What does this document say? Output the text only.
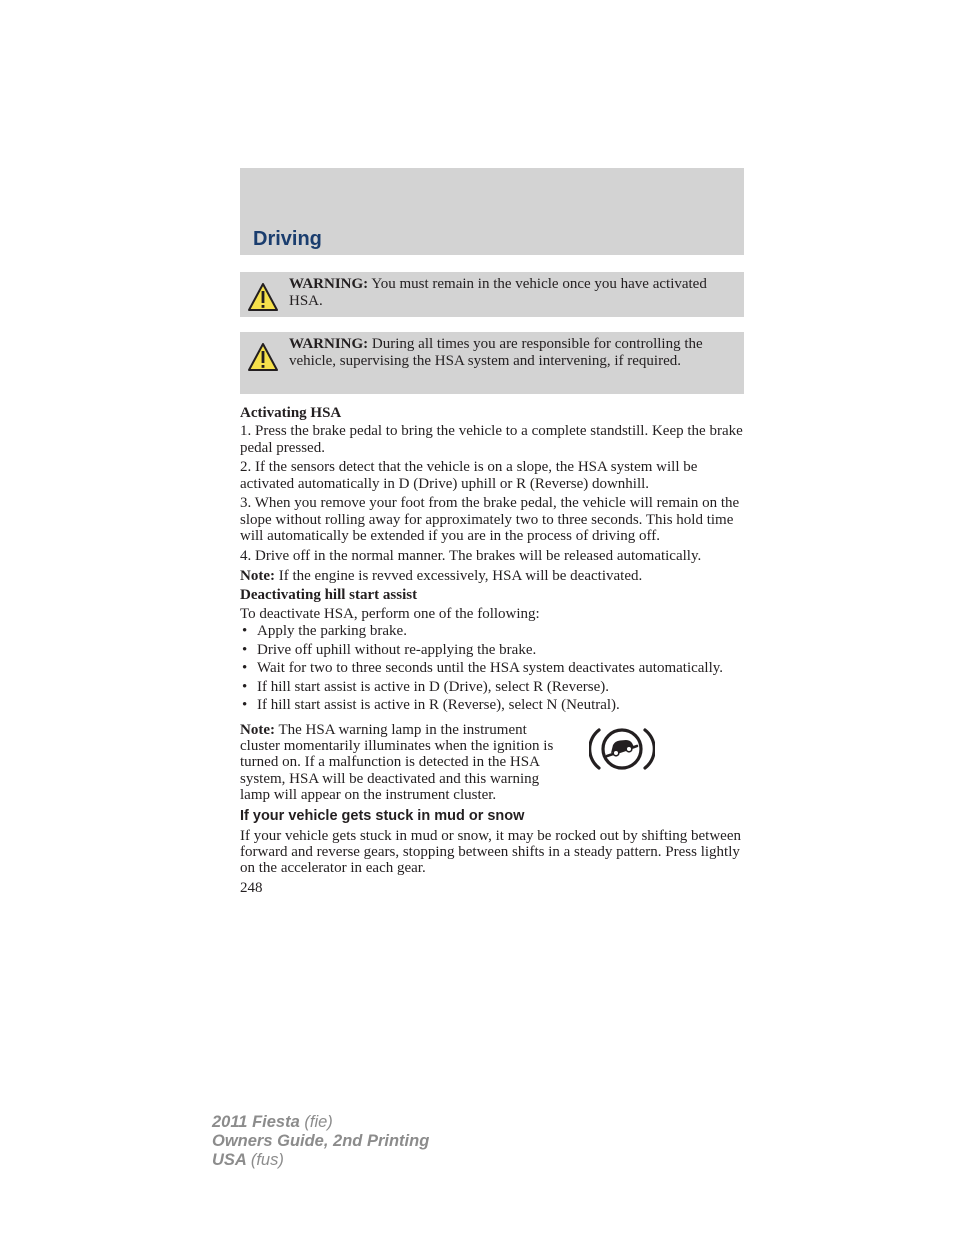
Driving
WARNING: You must remain in the vehicle once you have activated HSA.
WARNING: During all times you are responsible for controlling the vehicle, supervising the HSA system and intervening, if required.
Activating HSA

1. Press the brake pedal to bring the vehicle to a complete standstill. Keep the brake pedal pressed.

2. If the sensors detect that the vehicle is on a slope, the HSA system will be activated automatically in D (Drive) uphill or R (Reverse) downhill.

3. When you remove your foot from the brake pedal, the vehicle will remain on the slope without rolling away for approximately two to three seconds. This hold time will automatically be extended if you are in the process of driving off.

4. Drive off in the normal manner. The brakes will be released automatically.

Note: If the engine is revved excessively, HSA will be deactivated.

Deactivating hill start assist

To deactivate HSA, perform one of the following:

• Apply the parking brake.
• Drive off uphill without re-applying the brake.
• Wait for two to three seconds until the HSA system deactivates automatically.
• If hill start assist is active in D (Drive), select R (Reverse).
• If hill start assist is active in R (Reverse), select N (Neutral).

Note: The HSA warning lamp in the instrument cluster momentarily illuminates when the ignition is turned on. If a malfunction is detected in the HSA system, HSA will be deactivated and this warning lamp will appear on the instrument cluster.

If your vehicle gets stuck in mud or snow

If your vehicle gets stuck in mud or snow, it may be rocked out by shifting between forward and reverse gears, stopping between shifts in a steady pattern. Press lightly on the accelerator in each gear.

248

2011 Fiesta (fie)
Owners Guide, 2nd Printing
USA (fus)
